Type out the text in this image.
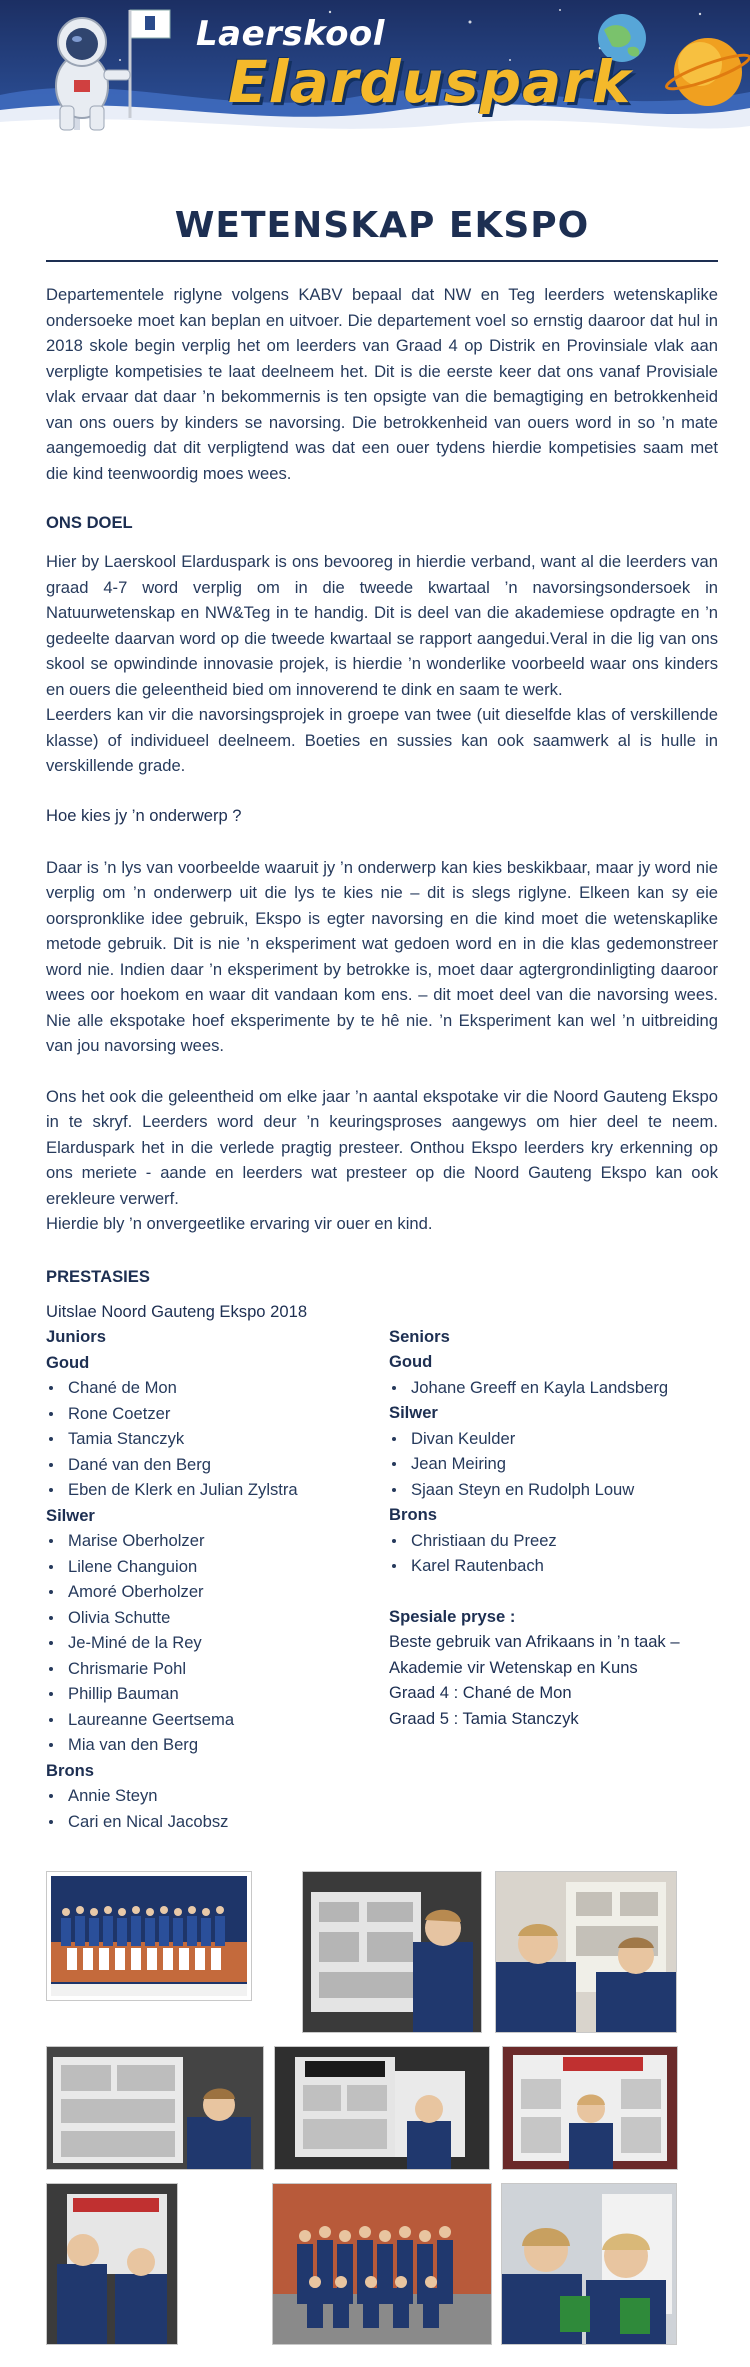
Laerskool
Elarduspark
WETENSKAP EKSPO

Departementele riglyne volgens KABV bepaal dat NW en Teg leerders wetenskaplike ondersoeke moet kan beplan en uitvoer. Die departement voel so ernstig daaroor dat hul in 2018 skole begin verplig het om leerders van Graad 4 op Distrik en Provinsiale vlak aan verpligte kompetisies te laat deelneem het. Dit is die eerste keer dat ons vanaf Provisiale vlak ervaar dat daar ’n bekommernis is ten opsigte van die bemagtiging en betrokkenheid van ons ouers by kinders se navorsing. Die betrokkenheid van ouers word in so ’n mate aangemoedig dat dit verpligtend was dat een ouer tydens hierdie kompetisies saam met die kind teenwoordig moes wees.

ONS DOEL

Hier by Laerskool Elarduspark is ons bevooreg in hierdie verband, want al die leerders van graad 4-7 word verplig om in die tweede kwartaal ’n navorsingsondersoek in Natuurwetenskap en NW&Teg in te handig. Dit is deel van die akademiese opdragte en ’n gedeelte daarvan word op die tweede kwartaal se rapport aangedui.Veral in die lig van ons skool se opwindinde innovasie projek, is hierdie ’n wonderlike voorbeeld waar ons kinders en ouers die geleentheid bied om innoverend te dink en saam te werk.

Leerders kan vir die navorsingsprojek in groepe van twee (uit dieselfde klas of verskillende klasse) of individueel deelneem. Boeties en sussies kan ook saamwerk al is hulle in verskillende grade.

Hoe kies jy ’n onderwerp ?

Daar is ’n lys van voorbeelde waaruit jy ’n onderwerp kan kies beskikbaar, maar jy word nie verplig om ’n onderwerp uit die lys te kies nie – dit is slegs riglyne. Elkeen kan sy eie oorspronklike idee gebruik, Ekspo is egter navorsing en die kind moet die wetenskaplike metode gebruik. Dit is nie ’n eksperiment wat gedoen word en in die klas gedemonstreer word nie. Indien daar ’n eksperiment by betrokke is, moet daar agtergrondinligting daaroor wees oor hoekom en waar dit vandaan kom ens. – dit moet deel van die navorsing wees. Nie alle ekspotake hoef eksperimente by te hê nie. ’n Eksperiment kan wel ’n uitbreiding van jou navorsing wees.

Ons het ook die geleentheid om elke jaar ’n aantal ekspotake vir die Noord Gauteng Ekspo in te skryf. Leerders word deur ’n keuringsproses aangewys om hier deel te neem. Elarduspark het in die verlede pragtig presteer. Onthou Ekspo leerders kry erkenning op ons meriete - aande en leerders wat presteer op die Noord Gauteng Ekspo kan ook erekleure verwerf.

Hierdie bly ’n onvergeetlike ervaring vir ouer en kind.

PRESTASIES
Uitslae Noord Gauteng Ekspo 2018
Juniors
Goud
Chané de Mon
Rone Coetzer
Tamia Stanczyk
Dané van den Berg
Eben de Klerk en Julian Zylstra
Silwer
Marise Oberholzer
Lilene Changuion
Amoré Oberholzer
Olivia Schutte
Je-Miné de la Rey
Chrismarie Pohl
Phillip Bauman
Laureanne Geertsema
Mia van den Berg
Brons
Annie Steyn
Cari en Nical Jacobsz
Seniors
Goud
Johane Greeff en Kayla Landsberg
Silwer
Divan Keulder
Jean Meiring
Sjaan Steyn en Rudolph Louw
Brons
Christiaan du Preez
Karel Rautenbach
Spesiale pryse :
Beste gebruik van Afrikaans in ’n taak –
Akademie vir Wetenskap en Kuns
Graad 4 : Chané de Mon
Graad 5 : Tamia Stanczyk
